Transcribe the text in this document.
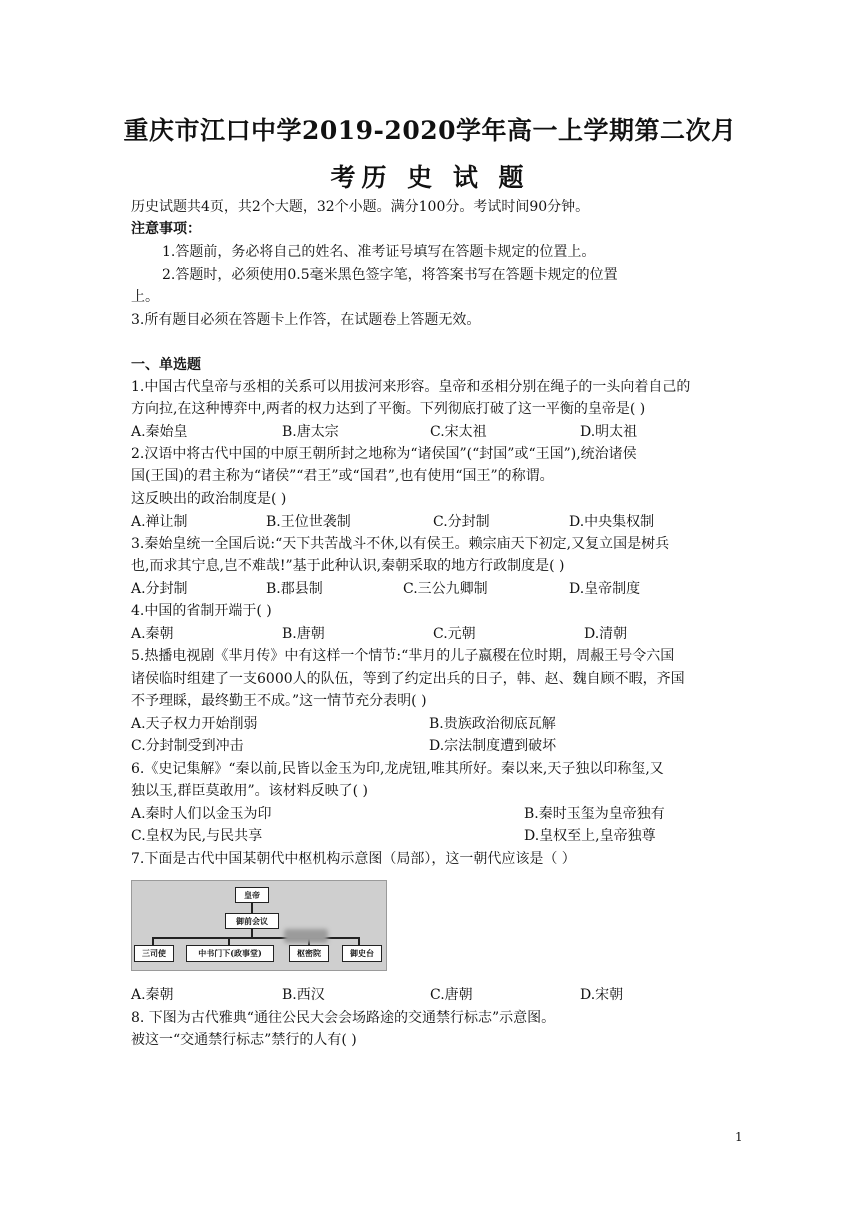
重庆市江口中学2019-2020学年高一上学期第二次月
考历 史 试 题
历史试题共4页，共2个大题，32个小题。满分100分。考试时间90分钟。
注意事项：
1.答题前，务必将自己的姓名、准考证号填写在答题卡规定的位置上。
2.答题时，必须使用0.5毫米黑色签字笔，将答案书写在答题卡规定的位置
上。
3.所有题目必须在答题卡上作答，在试题卷上答题无效。
一、单选题
1.中国古代皇帝与丞相的关系可以用拔河来形容。皇帝和丞相分别在绳子的一头向着自己的
方向拉,在这种博弈中,两者的权力达到了平衡。下列彻底打破了这一平衡的皇帝是( )
A.秦始皇	B.唐太宗	C.宋太祖	D.明太祖
2.汉语中将古代中国的中原王朝所封之地称为“诸侯国”(“封国”或“王国”),统治诸侯
国(王国)的君主称为“诸侯”“君王”或“国君”,也有使用“国王”的称谓。
这反映出的政治制度是( )
A.禅让制	B.王位世袭制	C.分封制	D.中央集权制
3.秦始皇统一全国后说:“天下共苦战斗不休,以有侯王。赖宗庙天下初定,又复立国是树兵
也,而求其宁息,岂不难哉!”基于此种认识,秦朝采取的地方行政制度是( )
A.分封制	B.郡县制	C.三公九卿制	D.皇帝制度
4.中国的省制开端于( )
A.秦朝	B.唐朝	C.元朝	D.清朝
5.热播电视剧《芈月传》中有这样一个情节:“芈月的儿子嬴稷在位时期，周赧王号令六国
诸侯临时组建了一支6000人的队伍，等到了约定出兵的日子，韩、赵、魏自顾不暇，齐国
不予理睬，最终勤王不成。”这一情节充分表明( )
A.天子权力开始削弱	B.贵族政治彻底瓦解
C.分封制受到冲击	D.宗法制度遭到破坏
6.《史记集解》“秦以前,民皆以金玉为印,龙虎钮,唯其所好。秦以来,天子独以印称玺,又
独以玉,群臣莫敢用”。该材料反映了( )
A.秦时人们以金玉为印	B.秦时玉玺为皇帝独有
C.皇权为民,与民共享	D.皇权至上,皇帝独尊
7.下面是古代中国某朝代中枢机构示意图（局部），这一朝代应该是（ ）
皇帝
御前会议
三司使	中书门下(政事堂)	枢密院	御史台
A.秦朝	B.西汉	C.唐朝	D.宋朝
8. 下图为古代雅典“通往公民大会会场路途的交通禁行标志”示意图。
被这一“交通禁行标志”禁行的人有( )
1
